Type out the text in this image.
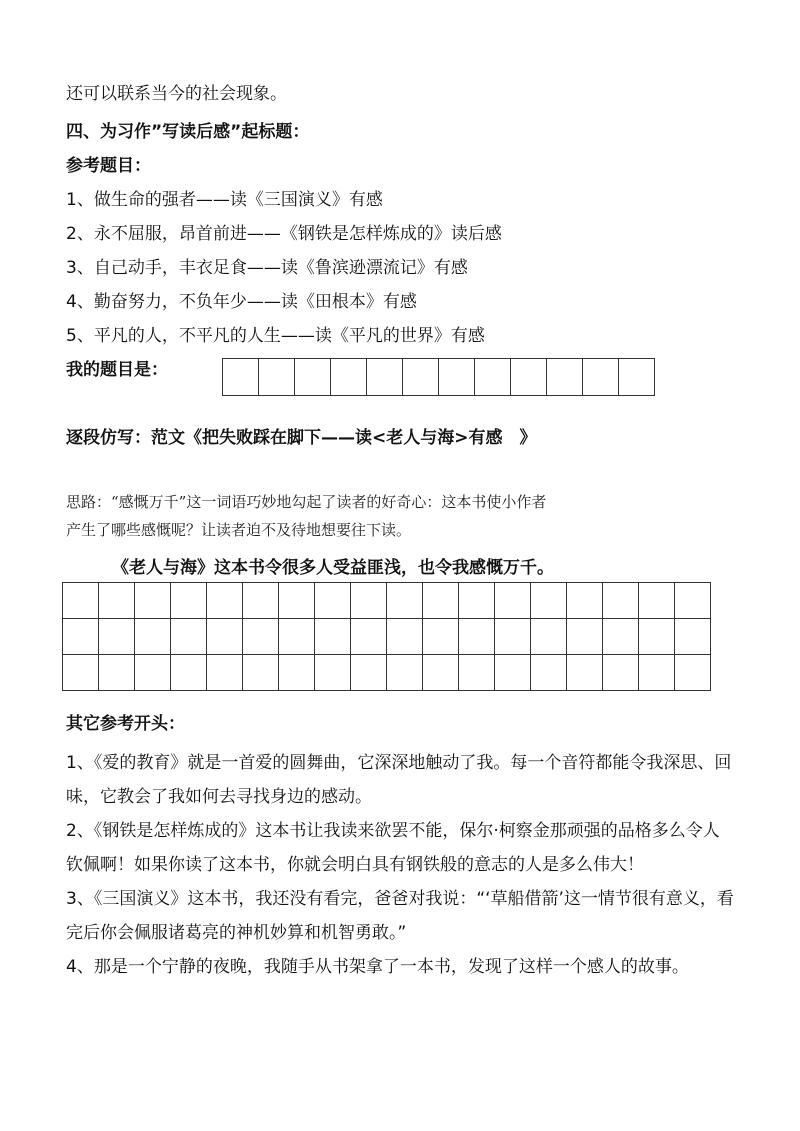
还可以联系当今的社会现象。
四、为习作”写读后感”起标题：
参考题目：
1、做生命的强者——读《三国演义》有感
2、永不屈服，昂首前进——《钢铁是怎样炼成的》读后感
3、自己动手，丰衣足食——读《鲁滨逊漂流记》有感
4、勤奋努力，不负年少——读《田根本》有感
5、平凡的人，不平凡的人生——读《平凡的世界》有感
我的题目是：

逐段仿写：范文《把失败踩在脚下——读<老人与海>有感　》
思路：“感慨万千”这一词语巧妙地勾起了读者的好奇心：这本书使小作者
产生了哪些感慨呢？让读者迫不及待地想要往下读。
《老人与海》这本书令很多人受益匪浅，也令我感慨万千。

其它参考开头：

1、《爱的教育》就是一首爱的圆舞曲，它深深地触动了我。每一个音符都能令我深思、回味，它教会了我如何去寻找身边的感动。

2、《钢铁是怎样炼成的》这本书让我读来欲罢不能，保尔·柯察金那顽强的品格多么令人钦佩啊！如果你读了这本书，你就会明白具有钢铁般的意志的人是多么伟大！

3、《三国演义》这本书，我还没有看完，爸爸对我说：“‘草船借箭’这一情节很有意义，看完后你会佩服诸葛亮的神机妙算和机智勇敢。”

4、那是一个宁静的夜晚，我随手从书架拿了一本书，发现了这样一个感人的故事。
